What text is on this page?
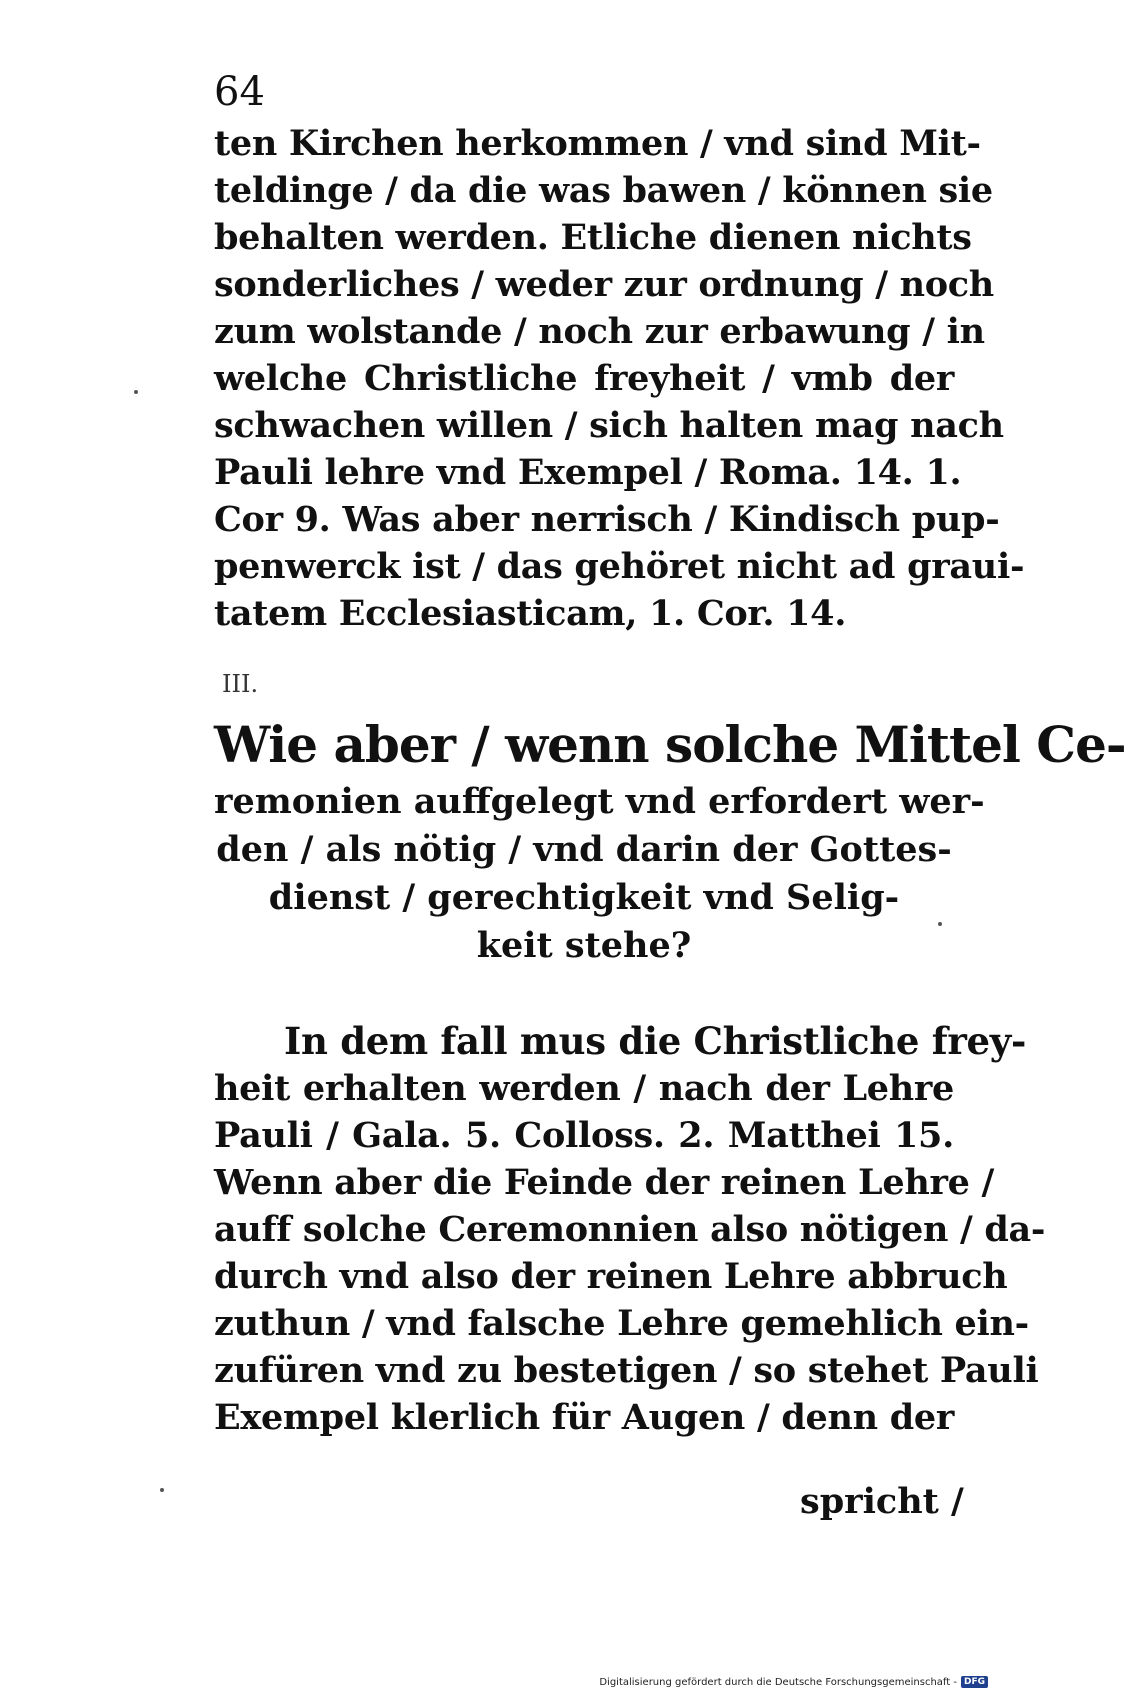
64
ten Kirchen herkommen / vnd sind Mit-
teldinge / da die was bawen / können sie
behalten werden. Etliche dienen nichts
sonderliches / weder zur ordnung / noch
zum wolstande / noch zur erbawung / in
welche Christliche freyheit / vmb der
schwachen willen / sich halten mag nach
Pauli lehre vnd Exempel / Roma. 14. 1.
Cor 9. Was aber nerrisch / Kindisch pup-
penwerck ist / das gehöret nicht ad graui-
tatem Ecclesiasticam, 1. Cor. 14.
III.
Wie aber / wenn solche Mittel Ce-
remonien auffgelegt vnd erfordert wer-
den / als nötig / vnd darin der Gottes-
dienst / gerechtigkeit vnd Selig-
keit stehe?
In dem fall mus die Christliche frey-
heit erhalten werden / nach der Lehre
Pauli / Gala. 5. Colloss. 2. Matthei 15.
Wenn aber die Feinde der reinen Lehre /
auff solche Ceremonnien also nötigen / da-
durch vnd also der reinen Lehre abbruch
zuthun / vnd falsche Lehre gemehlich ein-
zufüren vnd zu bestetigen / so stehet Pauli
Exempel klerlich für Augen / denn der
spricht /
Digitalisierung gefördert durch die Deutsche Forschungsgemeinschaft - DFG
